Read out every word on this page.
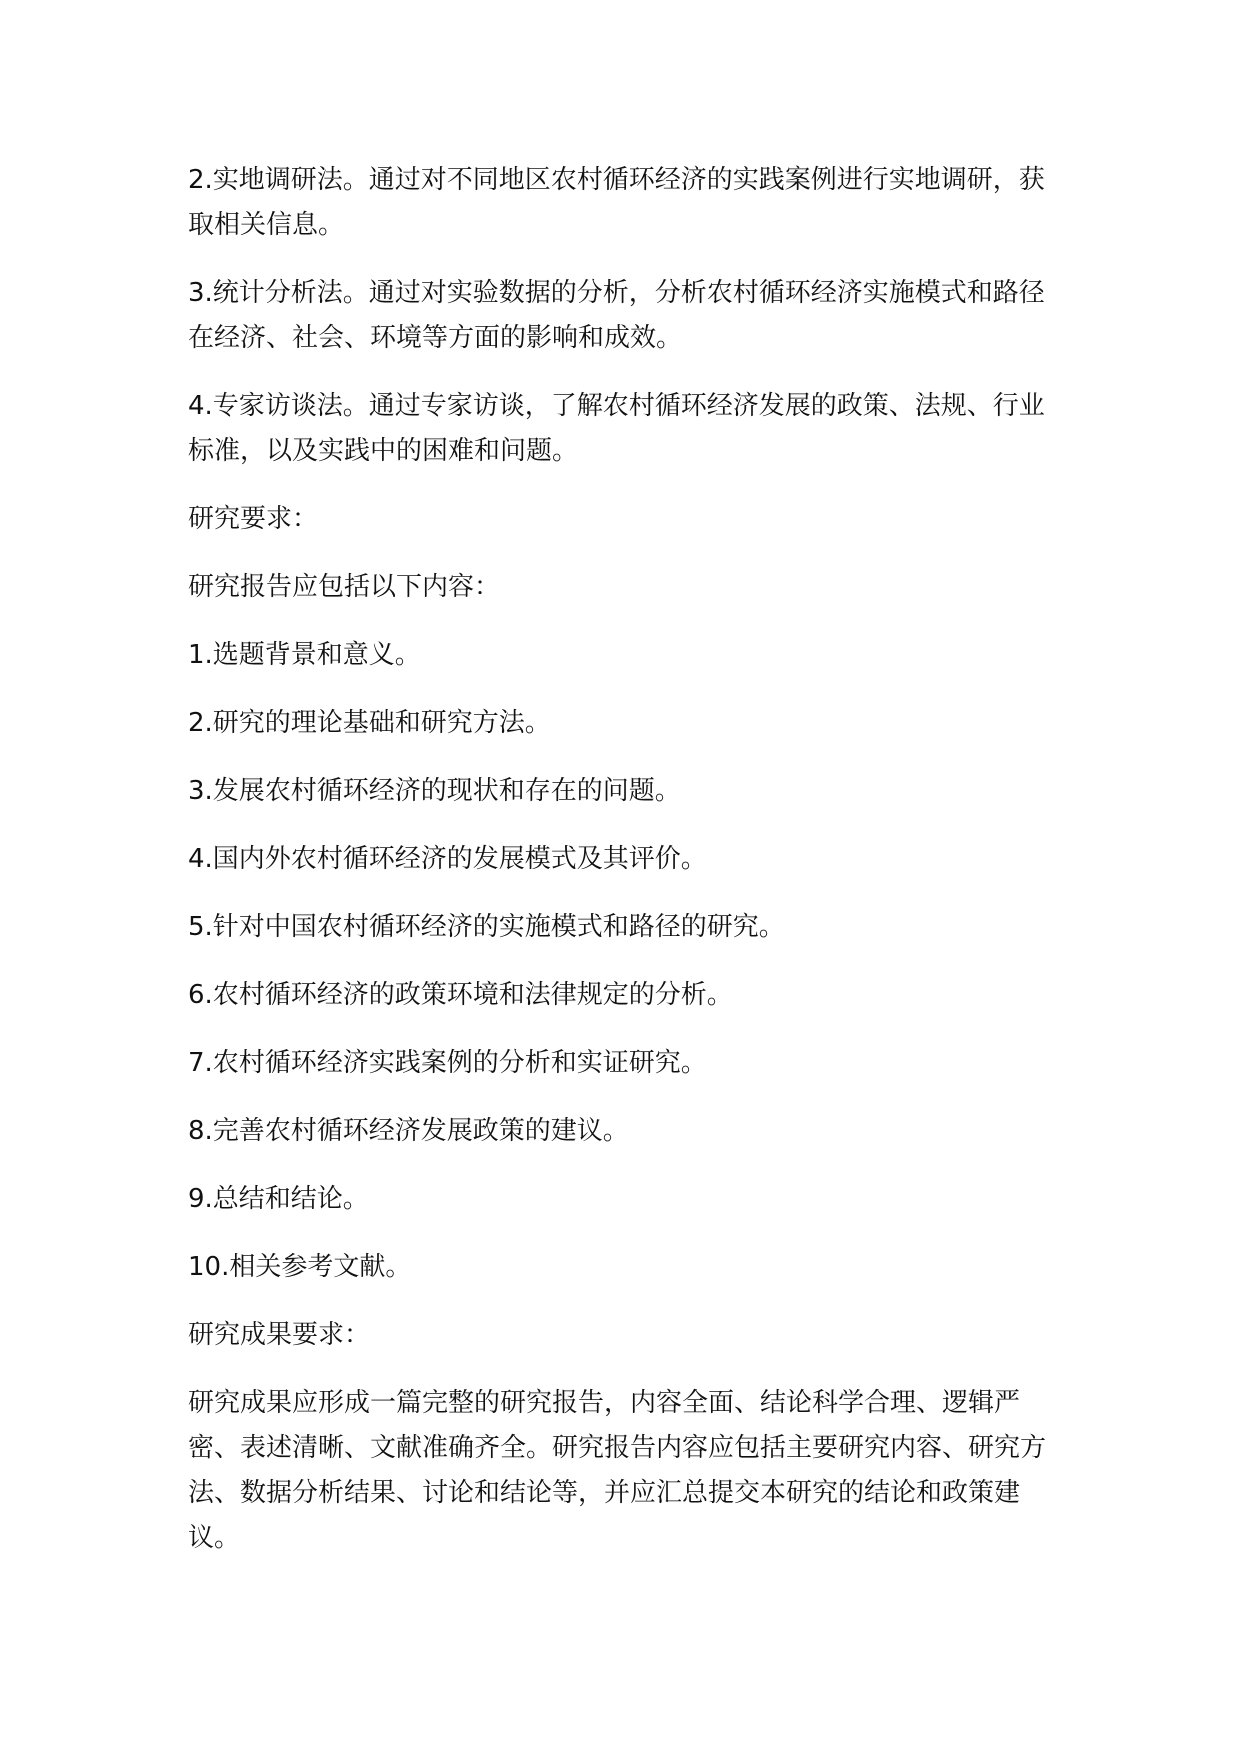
2.实地调研法。通过对不同地区农村循环经济的实践案例进行实地调研，获取相关信息。

3.统计分析法。通过对实验数据的分析，分析农村循环经济实施模式和路径在经济、社会、环境等方面的影响和成效。

4.专家访谈法。通过专家访谈，了解农村循环经济发展的政策、法规、行业标准，以及实践中的困难和问题。

研究要求：

研究报告应包括以下内容：

1.选题背景和意义。

2.研究的理论基础和研究方法。

3.发展农村循环经济的现状和存在的问题。

4.国内外农村循环经济的发展模式及其评价。

5.针对中国农村循环经济的实施模式和路径的研究。

6.农村循环经济的政策环境和法律规定的分析。

7.农村循环经济实践案例的分析和实证研究。

8.完善农村循环经济发展政策的建议。

9.总结和结论。

10.相关参考文献。

研究成果要求：

研究成果应形成一篇完整的研究报告，内容全面、结论科学合理、逻辑严密、表述清晰、文献准确齐全。研究报告内容应包括主要研究内容、研究方法、数据分析结果、讨论和结论等，并应汇总提交本研究的结论和政策建议。
